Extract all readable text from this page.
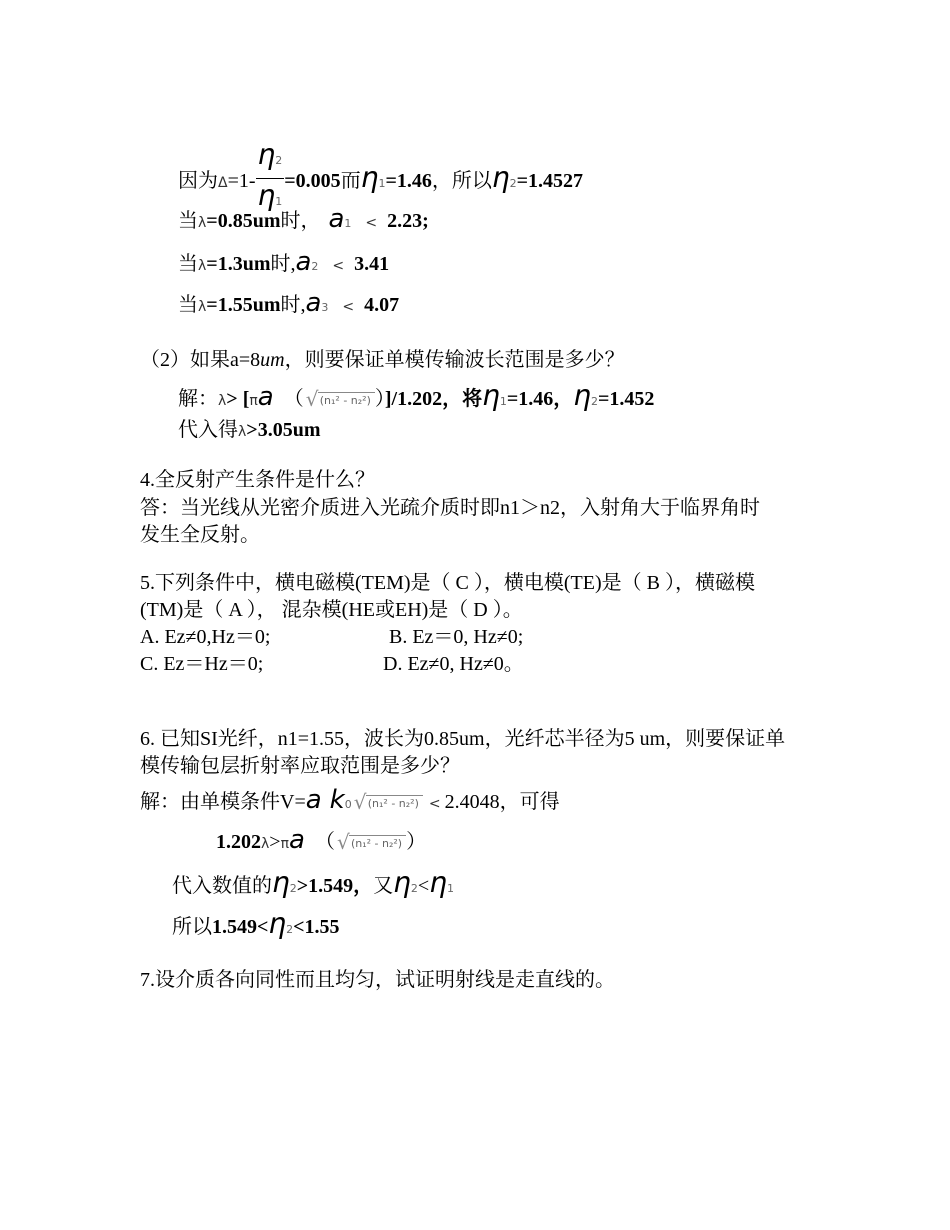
因为$\Delta=1- \frac{\eta 2}{\eta 1} =0.005$而η1=1.46，所以η2=1.4527
当λ=0.85um时， a1 < 2.23;
当λ=1.3um时,a2 < 3.41
当λ=1.55um时,a3 < 4.07
（2）如果a=8um，则要保证单模传输波长范围是多少？
解：λ> [πa （ √ (n₁² - n₂²) ）]/1.202，将η1=1.46，η2=1.452
代入得λ>3.05um
4.全反射产生条件是什么？
答：当光线从光密介质进入光疏介质时即n1＞n2，入射角大于临界角时
发生全反射。
5.下列条件中，横电磁模(TEM)是（ C ），横电模(TE)是（ B ），横磁模
(TM)是（ A ）， 混杂模(HE或EH)是（ D ）。
A. Ez≠0,Hz＝0;	B. Ez＝0, Hz≠0;
C. Ez＝Hz＝0;	D. Ez≠0, Hz≠0。
6. 已知SI光纤，n1=1.55，波长为0.85um，光纤芯半径为5 um，则要保证单
模传输包层折射率应取范围是多少？
解：由单模条件V=a k0 √ (n₁² - n₂²) < 2.4048，可得
1.202λ>πa （ √ (n₁² - n₂²) ）
代入数值的η2>1.549，又η2<η1
所以1.549<η2<1.55
7.设介质各向同性而且均匀，试证明射线是走直线的。
